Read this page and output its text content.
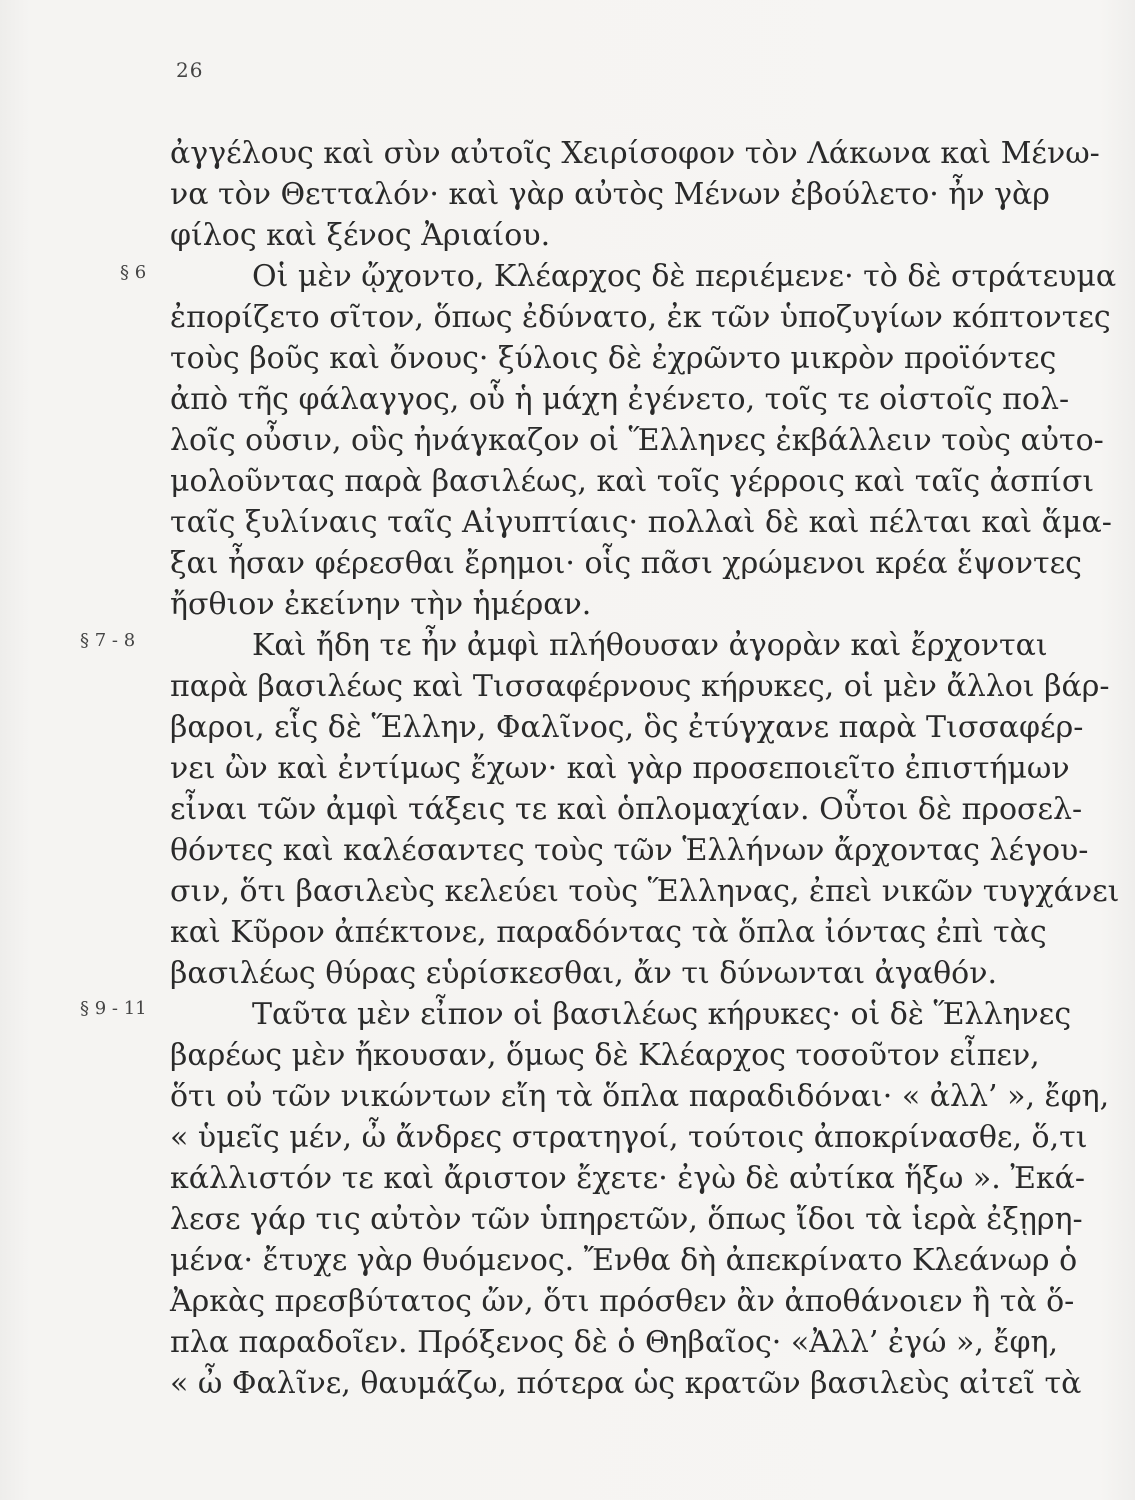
26
ἀγγέλους καὶ σὺν αὐτοῖς Χειρίσοφον τὸν Λάκωνα καὶ Μένω-
να τὸν Θετταλόν· καὶ γὰρ αὐτὸς Μένων ἐβούλετο· ἦν γὰρ
φίλος καὶ ξένος Ἀριαίου.
§ 6	Οἱ μὲν ᾤχοντο, Κλέαρχος δὲ περιέμενε· τὸ δὲ στράτευμα
ἐπορίζετο σῖτον, ὅπως ἐδύνατο, ἐκ τῶν ὑποζυγίων κόπτοντες
τοὺς βοῦς καὶ ὄνους· ξύλοις δὲ ἐχρῶντο μικρὸν προϊόντες
ἀπὸ τῆς φάλαγγος, οὗ ἡ μάχη ἐγένετο, τοῖς τε οἰστοῖς πολ-
λοῖς οὖσιν, οὓς ἠνάγκαζον οἱ Ἕλληνες ἐκβάλλειν τοὺς αὐτο-
μολοῦντας παρὰ βασιλέως, καὶ τοῖς γέρροις καὶ ταῖς ἀσπίσι
ταῖς ξυλίναις ταῖς Αἰγυπτίαις· πολλαὶ δὲ καὶ πέλται καὶ ἅμα-
ξαι ἦσαν φέρεσθαι ἔρημοι· οἷς πᾶσι χρώμενοι κρέα ἕψοντες
ἤσθιον ἐκείνην τὴν ἡμέραν.
§ 7 - 8	Καὶ ἤδη τε ἦν ἀμφὶ πλήθουσαν ἀγορὰν καὶ ἔρχονται
παρὰ βασιλέως καὶ Τισσαφέρνους κήρυκες, οἱ μὲν ἄλλοι βάρ-
βαροι, εἷς δὲ Ἕλλην, Φαλῖνος, ὃς ἐτύγχανε παρὰ Τισσαφέρ-
νει ὢν καὶ ἐντίμως ἔχων· καὶ γὰρ προσεποιεῖτο ἐπιστήμων
εἶναι τῶν ἀμφὶ τάξεις τε καὶ ὁπλομαχίαν. Οὗτοι δὲ προσελ-
θόντες καὶ καλέσαντες τοὺς τῶν Ἑλλήνων ἄρχοντας λέγου-
σιν, ὅτι βασιλεὺς κελεύει τοὺς Ἕλληνας, ἐπεὶ νικῶν τυγχάνει
καὶ Κῦρον ἀπέκτονε, παραδόντας τὰ ὅπλα ἰόντας ἐπὶ τὰς
βασιλέως θύρας εὑρίσκεσθαι, ἄν τι δύνωνται ἀγαθόν.
§ 9 - 11	Ταῦτα μὲν εἶπον οἱ βασιλέως κήρυκες· οἱ δὲ Ἕλληνες
βαρέως μὲν ἤκουσαν, ὅμως δὲ Κλέαρχος τοσοῦτον εἶπεν,
ὅτι οὐ τῶν νικώντων εἴη τὰ ὅπλα παραδιδόναι· « ἀλλ’ », ἔφη,
« ὑμεῖς μέν, ὦ ἄνδρες στρατηγοί, τούτοις ἀποκρίνασθε, ὅ,τι
κάλλιστόν τε καὶ ἄριστον ἔχετε· ἐγὼ δὲ αὐτίκα ἥξω ». Ἐκά-
λεσε γάρ τις αὐτὸν τῶν ὑπηρετῶν, ὅπως ἴδοι τὰ ἱερὰ ἐξῃρη-
μένα· ἔτυχε γὰρ θυόμενος. Ἔνθα δὴ ἀπεκρίνατο Κλεάνωρ ὁ
Ἀρκὰς πρεσβύτατος ὤν, ὅτι πρόσθεν ἂν ἀποθάνοιεν ἢ τὰ ὅ-
πλα παραδοῖεν. Πρόξενος δὲ ὁ Θηβαῖος· «Ἀλλ’ ἐγώ », ἔφη,
« ὦ Φαλῖνε, θαυμάζω, πότερα ὡς κρατῶν βασιλεὺς αἰτεῖ τὰ
